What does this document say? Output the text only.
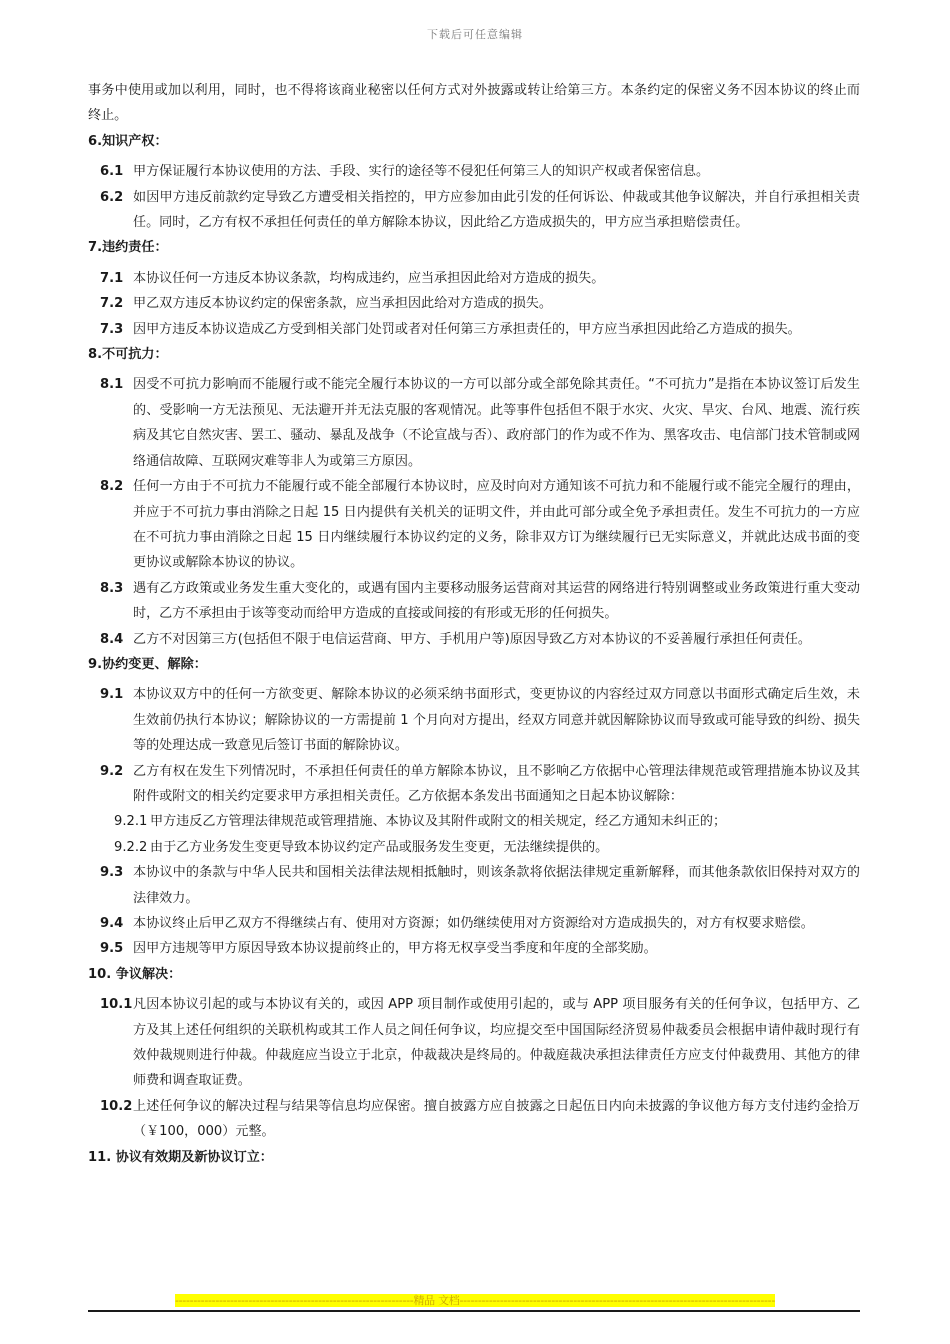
下载后可任意编辑

事务中使用或加以利用，同时，也不得将该商业秘密以任何方式对外披露或转让给第三方。本条约定的保密义务不因本协议的终止而终止。

6.知识产权：

6.1 甲方保证履行本协议使用的方法、手段、实行的途径等不侵犯任何第三人的知识产权或者保密信息。
6.2 如因甲方违反前款约定导致乙方遭受相关指控的，甲方应参加由此引发的任何诉讼、仲裁或其他争议解决，并自行承担相关责任。同时，乙方有权不承担任何责任的单方解除本协议，因此给乙方造成损失的，甲方应当承担赔偿责任。

7.违约责任：

7.1 本协议任何一方违反本协议条款，均构成违约，应当承担因此给对方造成的损失。
7.2 甲乙双方违反本协议约定的保密条款，应当承担因此给对方造成的损失。
7.3 因甲方违反本协议造成乙方受到相关部门处罚或者对任何第三方承担责任的，甲方应当承担因此给乙方造成的损失。

8.不可抗力：

8.1 因受不可抗力影响而不能履行或不能完全履行本协议的一方可以部分或全部免除其责任。“不可抗力”是指在本协议签订后发生的、受影响一方无法预见、无法避开并无法克服的客观情况。此等事件包括但不限于水灾、火灾、旱灾、台风、地震、流行疾病及其它自然灾害、罢工、骚动、暴乱及战争（不论宣战与否）、政府部门的作为或不作为、黑客攻击、电信部门技术管制或网络通信故障、互联网灾难等非人为或第三方原因。
8.2 任何一方由于不可抗力不能履行或不能全部履行本协议时，应及时向对方通知该不可抗力和不能履行或不能完全履行的理由，并应于不可抗力事由消除之日起 15 日内提供有关机关的证明文件，并由此可部分或全免予承担责任。发生不可抗力的一方应在不可抗力事由消除之日起 15 日内继续履行本协议约定的义务，除非双方订为继续履行已无实际意义，并就此达成书面的变更协议或解除本协议的协议。
8.3 遇有乙方政策或业务发生重大变化的，或遇有国内主要移动服务运营商对其运营的网络进行特别调整或业务政策进行重大变动时，乙方不承担由于该等变动而给甲方造成的直接或间接的有形或无形的任何损失。
8.4 乙方不对因第三方(包括但不限于电信运营商、甲方、手机用户等)原因导致乙方对本协议的不妥善履行承担任何责任。

9.协约变更、解除：

9.1 本协议双方中的任何一方欲变更、解除本协议的必须采纳书面形式，变更协议的内容经过双方同意以书面形式确定后生效，未生效前仍执行本协议；解除协议的一方需提前 1 个月向对方提出，经双方同意并就因解除协议而导致或可能导致的纠纷、损失等的处理达成一致意见后签订书面的解除协议。
9.2 乙方有权在发生下列情况时，不承担任何责任的单方解除本协议，且不影响乙方依据中心管理法律规范或管理措施本协议及其附件或附文的相关约定要求甲方承担相关责任。乙方依据本条发出书面通知之日起本协议解除：
9.2.1 甲方违反乙方管理法律规范或管理措施、本协议及其附件或附文的相关规定，经乙方通知未纠正的；
9.2.2 由于乙方业务发生变更导致本协议约定产品或服务发生变更，无法继续提供的。
9.3 本协议中的条款与中华人民共和国相关法律法规相抵触时，则该条款将依据法律规定重新解释，而其他条款依旧保持对双方的法律效力。
9.4 本协议终止后甲乙双方不得继续占有、使用对方资源；如仍继续使用对方资源给对方造成损失的，对方有权要求赔偿。
9.5 因甲方违规等甲方原因导致本协议提前终止的，甲方将无权享受当季度和年度的全部奖励。

10. 争议解决：

10.1 凡因本协议引起的或与本协议有关的，或因 APP 项目制作或使用引起的，或与 APP 项目服务有关的任何争议，包括甲方、乙方及其上述任何组织的关联机构或其工作人员之间任何争议，均应提交至中国国际经济贸易仲裁委员会根据申请仲裁时现行有效仲裁规则进行仲裁。仲裁庭应当设立于北京，仲裁裁决是终局的。仲裁庭裁决承担法律责任方应支付仲裁费用、其他方的律师费和调查取证费。
10.2 上述任何争议的解决过程与结果等信息均应保密。擅自披露方应自披露之日起伍日内向未披露的争议他方每方支付违约金拾万（￥100，000）元整。

11. 协议有效期及新协议订立：

-----------------------------------------------------------------精品 文档--------------------------------------------------------------------------------------
